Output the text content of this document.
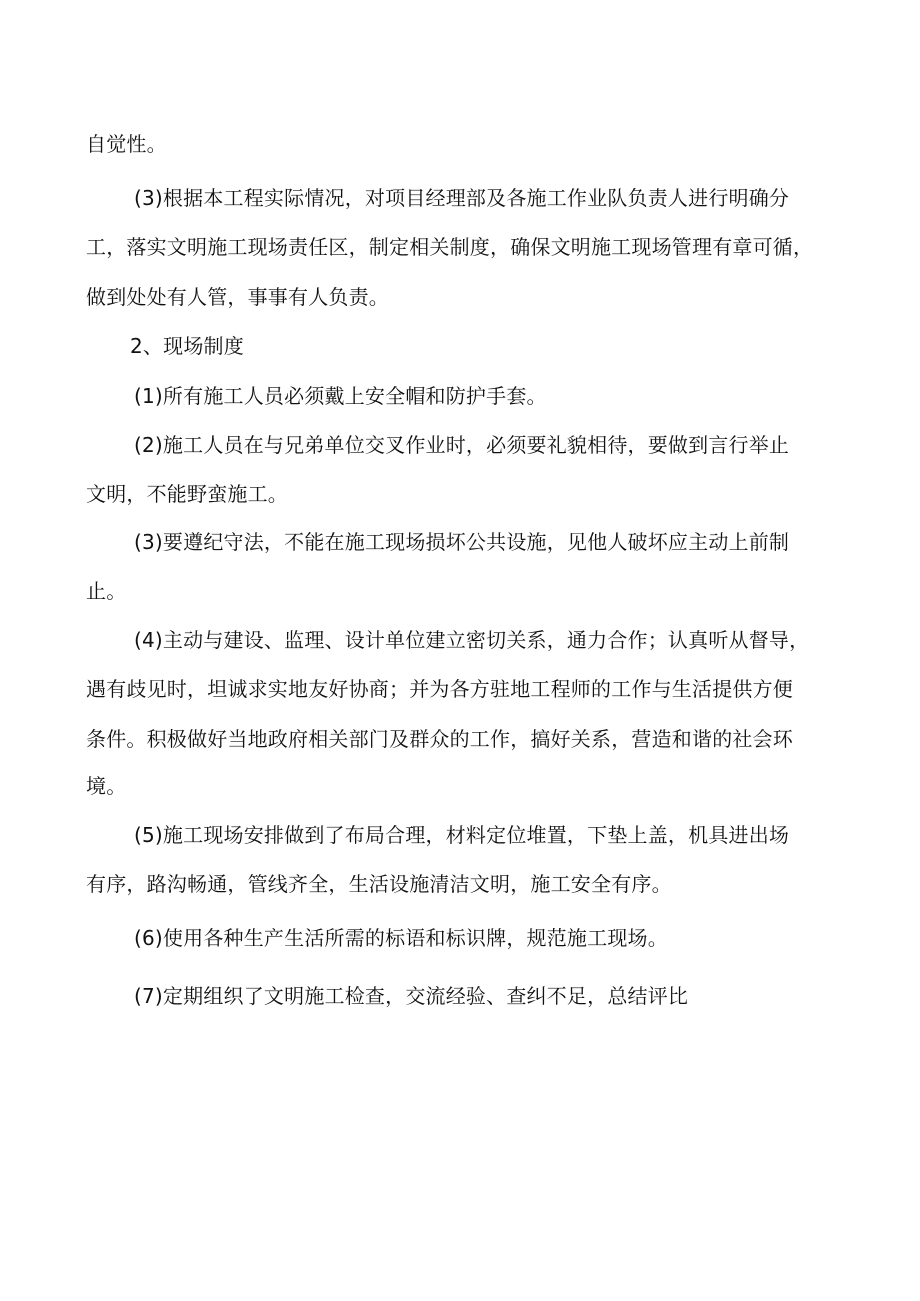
自觉性。
(3)根据本工程实际情况，对项目经理部及各施工作业队负责人进行明确分
工，落实文明施工现场责任区，制定相关制度，确保文明施工现场管理有章可循，
做到处处有人管，事事有人负责。
2、现场制度
(1)所有施工人员必须戴上安全帽和防护手套。
(2)施工人员在与兄弟单位交叉作业时，必须要礼貌相待，要做到言行举止
文明，不能野蛮施工。
(3)要遵纪守法，不能在施工现场损坏公共设施，见他人破坏应主动上前制
止。
(4)主动与建设、监理、设计单位建立密切关系，通力合作；认真听从督导，
遇有歧见时，坦诚求实地友好协商；并为各方驻地工程师的工作与生活提供方便
条件。积极做好当地政府相关部门及群众的工作，搞好关系，营造和谐的社会环
境。
(5)施工现场安排做到了布局合理，材料定位堆置，下垫上盖，机具进出场
有序，路沟畅通，管线齐全，生活设施清洁文明，施工安全有序。
(6)使用各种生产生活所需的标语和标识牌，规范施工现场。
(7)定期组织了文明施工检查，交流经验、查纠不足，总结评比
